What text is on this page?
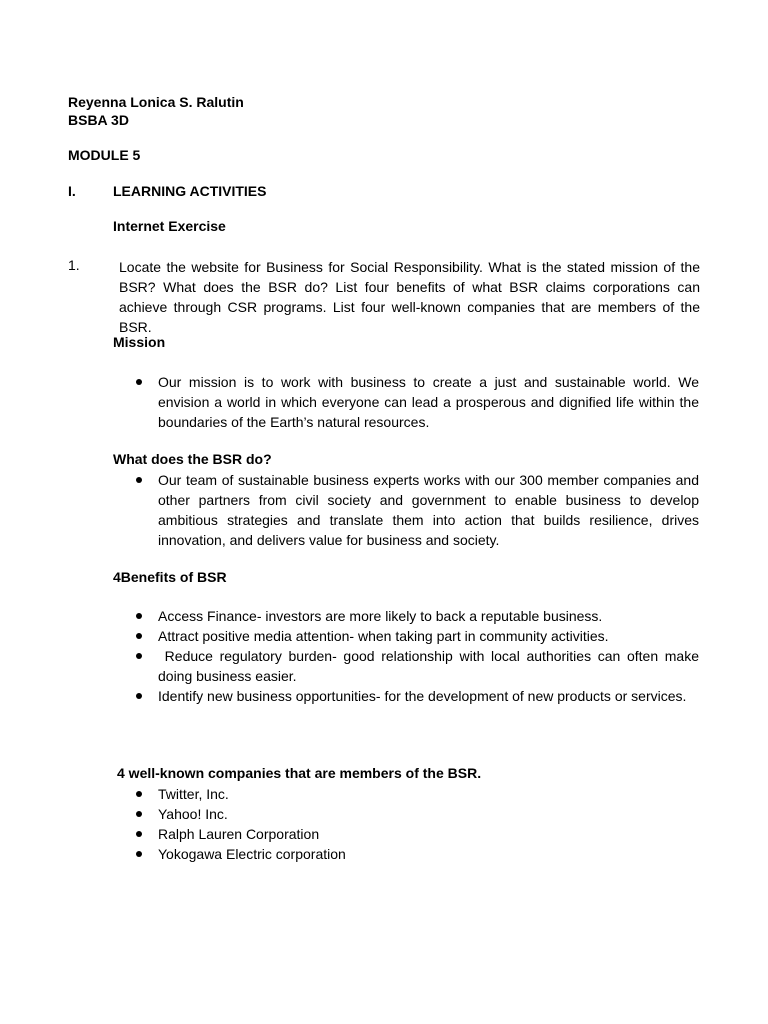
Reyenna Lonica S. Ralutin
BSBA 3D
MODULE 5
I.	LEARNING ACTIVITIES
Internet Exercise
1.	Locate the website for Business for Social Responsibility. What is the stated mission of the BSR? What does the BSR do? List four benefits of what BSR claims corporations can achieve through CSR programs. List four well-known companies that are members of the BSR.
Mission
Our mission is to work with business to create a just and sustainable world. We envision a world in which everyone can lead a prosperous and dignified life within the boundaries of the Earth’s natural resources.
What does the BSR do?
Our team of sustainable business experts works with our 300 member companies and other partners from civil society and government to enable business to develop ambitious strategies and translate them into action that builds resilience, drives innovation, and delivers value for business and society.
4Benefits of BSR
Access Finance- investors are more likely to back a reputable business.
Attract positive media attention- when taking part in community activities.
Reduce regulatory burden- good relationship with local authorities can often make doing business easier.
Identify new business opportunities- for the development of new products or services.
4 well-known companies that are members of the BSR.
Twitter, Inc.
Yahoo! Inc.
Ralph Lauren Corporation
Yokogawa Electric corporation
